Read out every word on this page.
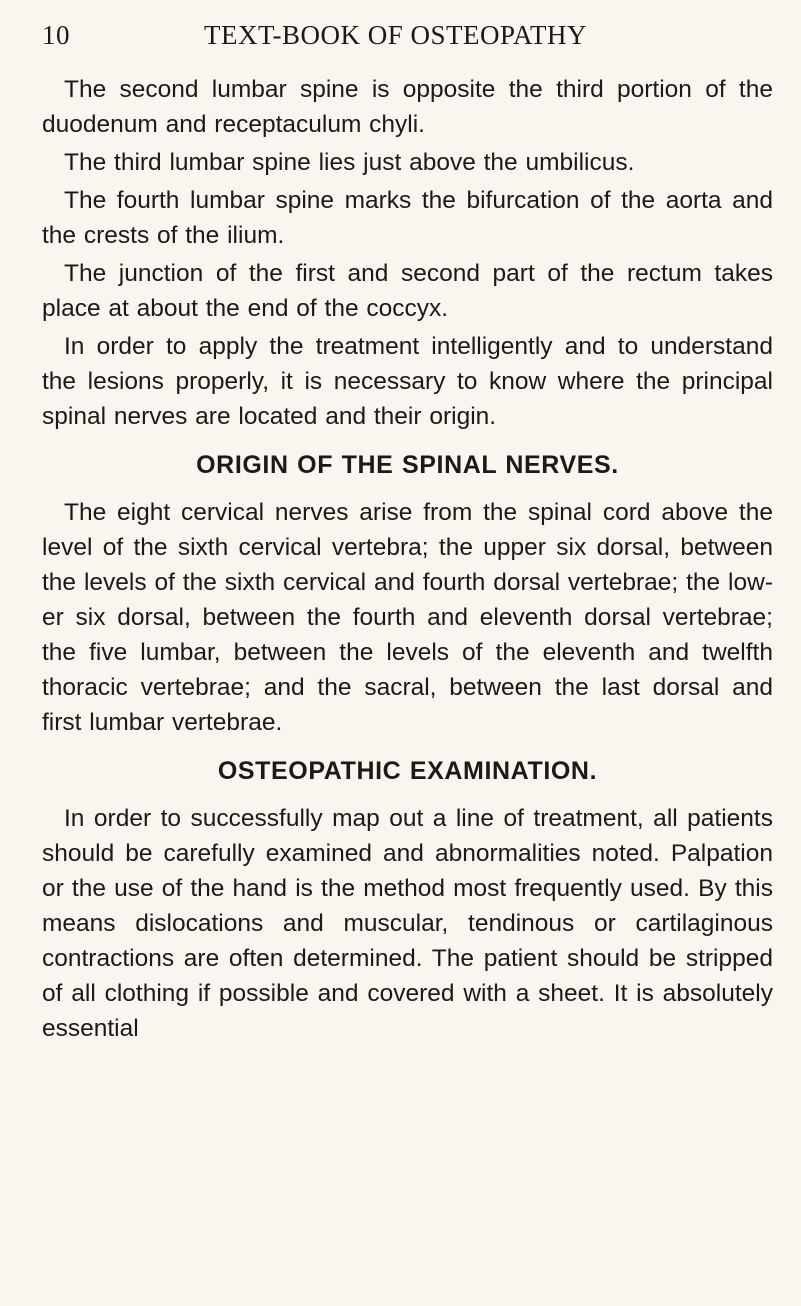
10	TEXT-BOOK OF OSTEOPATHY

The second lumbar spine is opposite the third portion of the duodenum and receptaculum chyli.

The third lumbar spine lies just above the umbilicus.

The fourth lumbar spine marks the bifurcation of the aorta and the crests of the ilium.

The junction of the first and second part of the rectum takes place at about the end of the coccyx.

In order to apply the treatment intelligently and to understand the lesions properly, it is necessary to know where the principal spinal nerves are located and their origin.

ORIGIN OF THE SPINAL NERVES.

The eight cervical nerves arise from the spinal cord above the level of the sixth cervical vertebra; the upper six dorsal, between the levels of the sixth cervical and fourth dorsal vertebrae; the lower six dorsal, between the fourth and eleventh dorsal vertebrae; the five lumbar, between the levels of the eleventh and twelfth thoracic vertebrae; and the sacral, between the last dorsal and first lumbar vertebrae.

OSTEOPATHIC EXAMINATION.

In order to successfully map out a line of treatment, all patients should be carefully examined and abnormalities noted. Palpation or the use of the hand is the method most frequently used. By this means dislocations and muscular, tendinous or cartilaginous contractions are often determined. The patient should be stripped of all clothing if possible and covered with a sheet. It is absolutely essential
